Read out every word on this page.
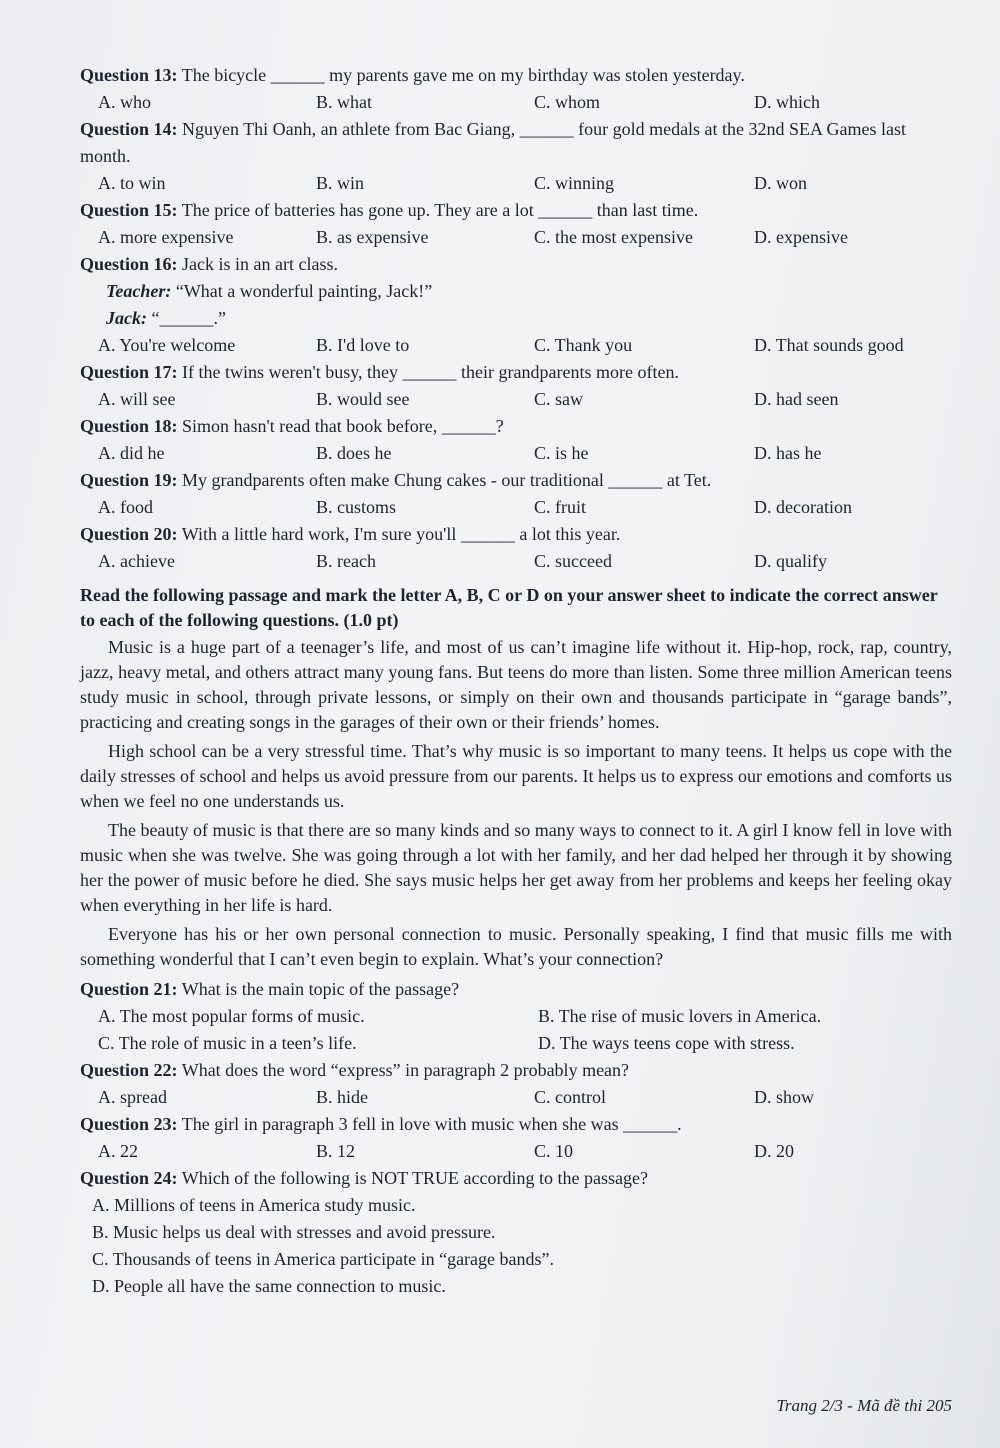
Question 13: The bicycle ______ my parents gave me on my birthday was stolen yesterday.

A. who	B. what	C. whom	D. which

Question 14: Nguyen Thi Oanh, an athlete from Bac Giang, ______ four gold medals at the 32nd SEA Games last month.

A. to win	B. win	C. winning	D. won

Question 15: The price of batteries has gone up. They are a lot ______ than last time.

A. more expensive	B. as expensive	C. the most expensive	D. expensive

Question 16: Jack is in an art class.

Teacher: “What a wonderful painting, Jack!”
Jack: “______.”
A. You're welcome	B. I'd love to	C. Thank you	D. That sounds good

Question 17: If the twins weren't busy, they ______ their grandparents more often.

A. will see	B. would see	C. saw	D. had seen

Question 18: Simon hasn't read that book before, ______?

A. did he	B. does he	C. is he	D. has he

Question 19: My grandparents often make Chung cakes - our traditional ______ at Tet.

A. food	B. customs	C. fruit	D. decoration

Question 20: With a little hard work, I'm sure you'll ______ a lot this year.

A. achieve	B. reach	C. succeed	D. qualify

Read the following passage and mark the letter A, B, C or D on your answer sheet to indicate the correct answer to each of the following questions. (1.0 pt)

Music is a huge part of a teenager’s life, and most of us can’t imagine life without it. Hip-hop, rock, rap, country, jazz, heavy metal, and others attract many young fans. But teens do more than listen. Some three million American teens study music in school, through private lessons, or simply on their own and thousands participate in “garage bands”, practicing and creating songs in the garages of their own or their friends’ homes.

High school can be a very stressful time. That’s why music is so important to many teens. It helps us cope with the daily stresses of school and helps us avoid pressure from our parents. It helps us to express our emotions and comforts us when we feel no one understands us.

The beauty of music is that there are so many kinds and so many ways to connect to it. A girl I know fell in love with music when she was twelve. She was going through a lot with her family, and her dad helped her through it by showing her the power of music before he died. She says music helps her get away from her problems and keeps her feeling okay when everything in her life is hard.

Everyone has his or her own personal connection to music. Personally speaking, I find that music fills me with something wonderful that I can’t even begin to explain. What’s your connection?

Question 21: What is the main topic of the passage?

A. The most popular forms of music.	B. The rise of music lovers in America.
C. The role of music in a teen’s life.	D. The ways teens cope with stress.

Question 22: What does the word “express” in paragraph 2 probably mean?

A. spread	B. hide	C. control	D. show

Question 23: The girl in paragraph 3 fell in love with music when she was ______.

A. 22	B. 12	C. 10	D. 20

Question 24: Which of the following is NOT TRUE according to the passage?

A. Millions of teens in America study music.
B. Music helps us deal with stresses and avoid pressure.
C. Thousands of teens in America participate in “garage bands”.
D. People all have the same connection to music.
Trang 2/3 - Mã đề thi 205
